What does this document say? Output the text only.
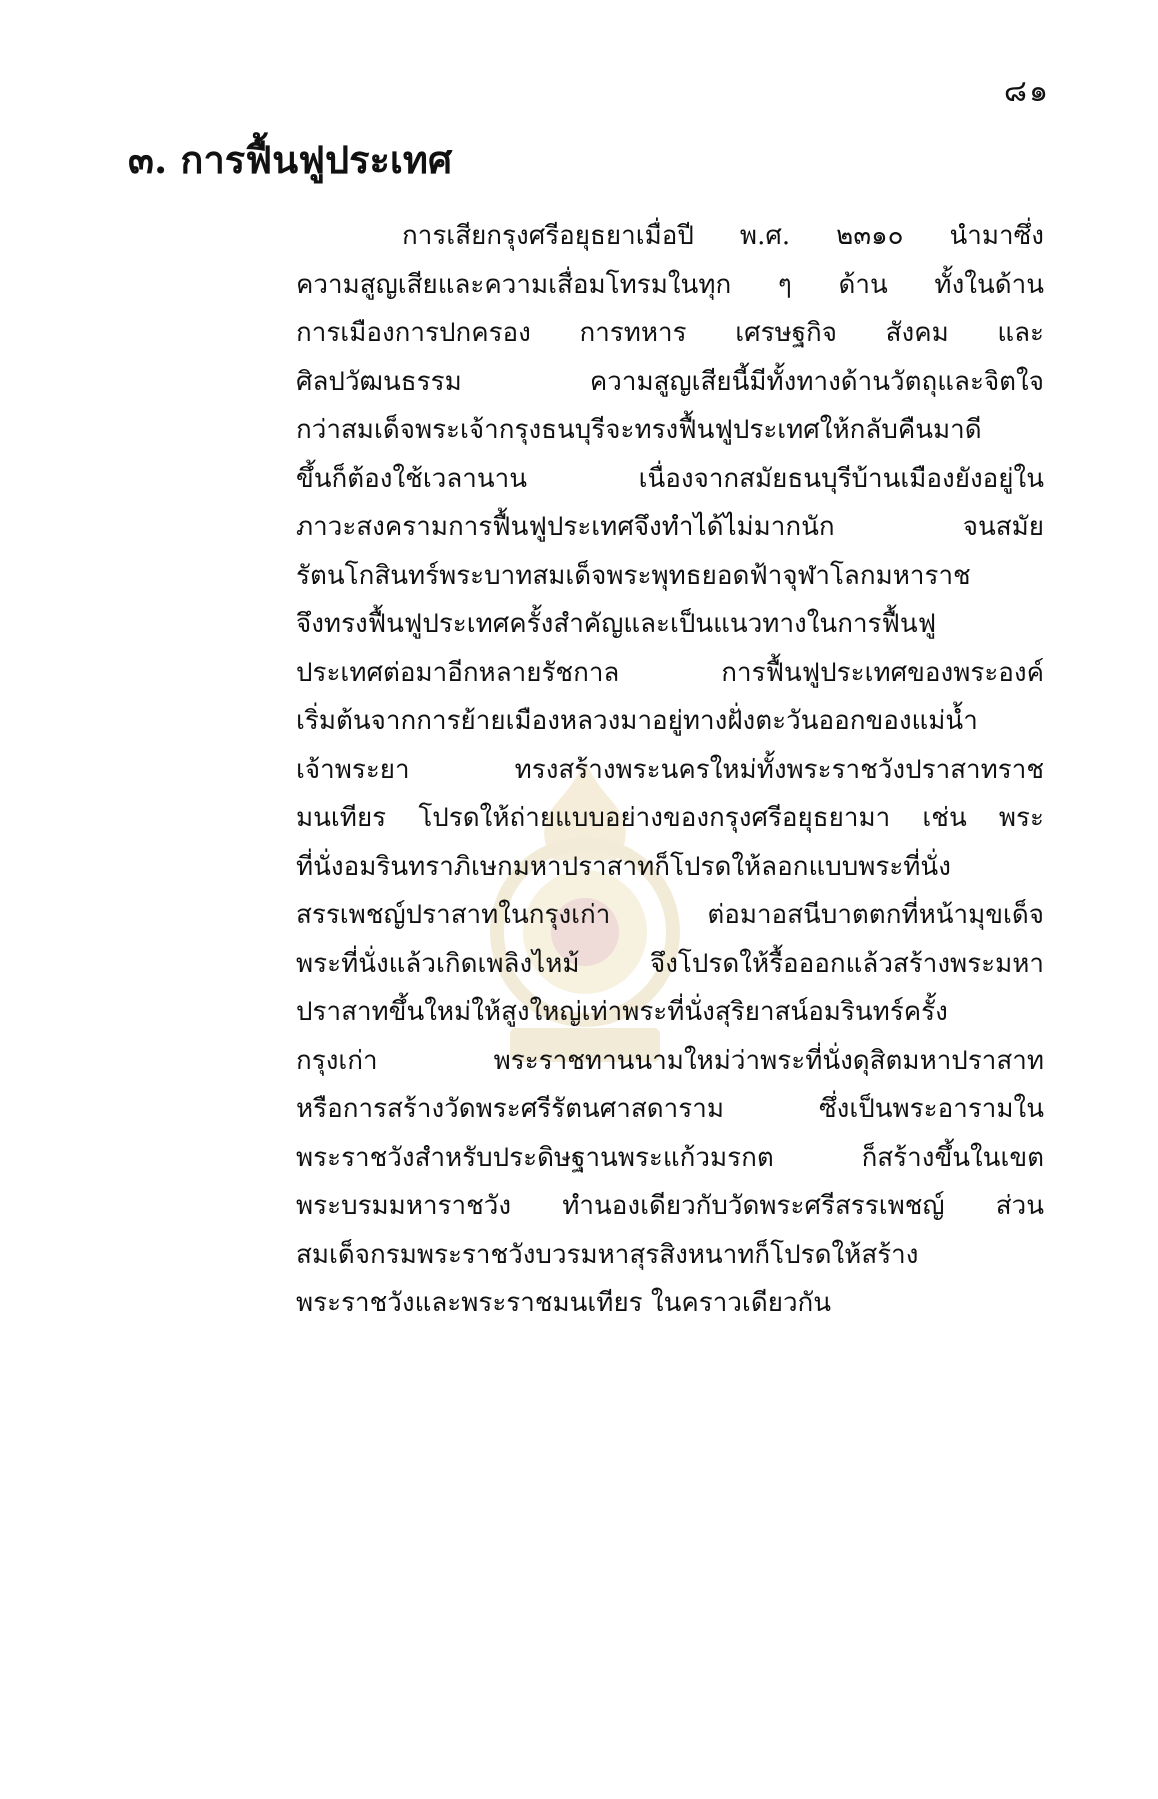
๘๑
๓. การฟื้นฟูประเทศ
การเสียกรุงศรีอยุธยาเมื่อปี พ.ศ. ๒๓๑๐ นำมาซึ่ง
ความสูญเสียและความเสื่อมโทรมในทุก ๆ ด้าน ทั้งในด้าน
การเมืองการปกครอง การทหาร เศรษฐกิจ สังคม และ
ศิลปวัฒนธรรม ความสูญเสียนี้มีทั้งทางด้านวัตถุและจิตใจ
กว่าสมเด็จพระเจ้ากรุงธนบุรีจะทรงฟื้นฟูประเทศให้กลับคืนมาดี
ขึ้นก็ต้องใช้เวลานาน เนื่องจากสมัยธนบุรีบ้านเมืองยังอยู่ใน
ภาวะสงครามการฟื้นฟูประเทศจึงทำได้ไม่มากนัก จนสมัย
รัตนโกสินทร์พระบาทสมเด็จพระพุทธยอดฟ้าจุฬาโลกมหาราช
จึงทรงฟื้นฟูประเทศครั้งสำคัญและเป็นแนวทางในการฟื้นฟู
ประเทศต่อมาอีกหลายรัชกาล การฟื้นฟูประเทศของพระองค์
เริ่มต้นจากการย้ายเมืองหลวงมาอยู่ทางฝั่งตะวันออกของแม่น้ำ
เจ้าพระยา ทรงสร้างพระนครใหม่ทั้งพระราชวังปราสาทราช
มนเทียร โปรดให้ถ่ายแบบอย่างของกรุงศรีอยุธยามา เช่น พระ
ที่นั่งอมรินทราภิเษกมหาปราสาทก็โปรดให้ลอกแบบพระที่นั่ง
สรรเพชญ์ปราสาทในกรุงเก่า ต่อมาอสนีบาตตกที่หน้ามุขเด็จ
พระที่นั่งแล้วเกิดเพลิงไหม้ จึงโปรดให้รื้อออกแล้วสร้างพระมหา
ปราสาทขึ้นใหม่ให้สูงใหญ่เท่าพระที่นั่งสุริยาสน์อมรินทร์ครั้ง
กรุงเก่า พระราชทานนามใหม่ว่าพระที่นั่งดุสิตมหาปราสาท
หรือการสร้างวัดพระศรีรัตนศาสดาราม ซึ่งเป็นพระอารามใน
พระราชวังสำหรับประดิษฐานพระแก้วมรกต ก็สร้างขึ้นในเขต
พระบรมมหาราชวัง ทำนองเดียวกับวัดพระศรีสรรเพชญ์ ส่วน
สมเด็จกรมพระราชวังบวรมหาสุรสิงหนาทก็โปรดให้สร้าง
พระราชวังและพระราชมนเทียร ในคราวเดียวกัน
